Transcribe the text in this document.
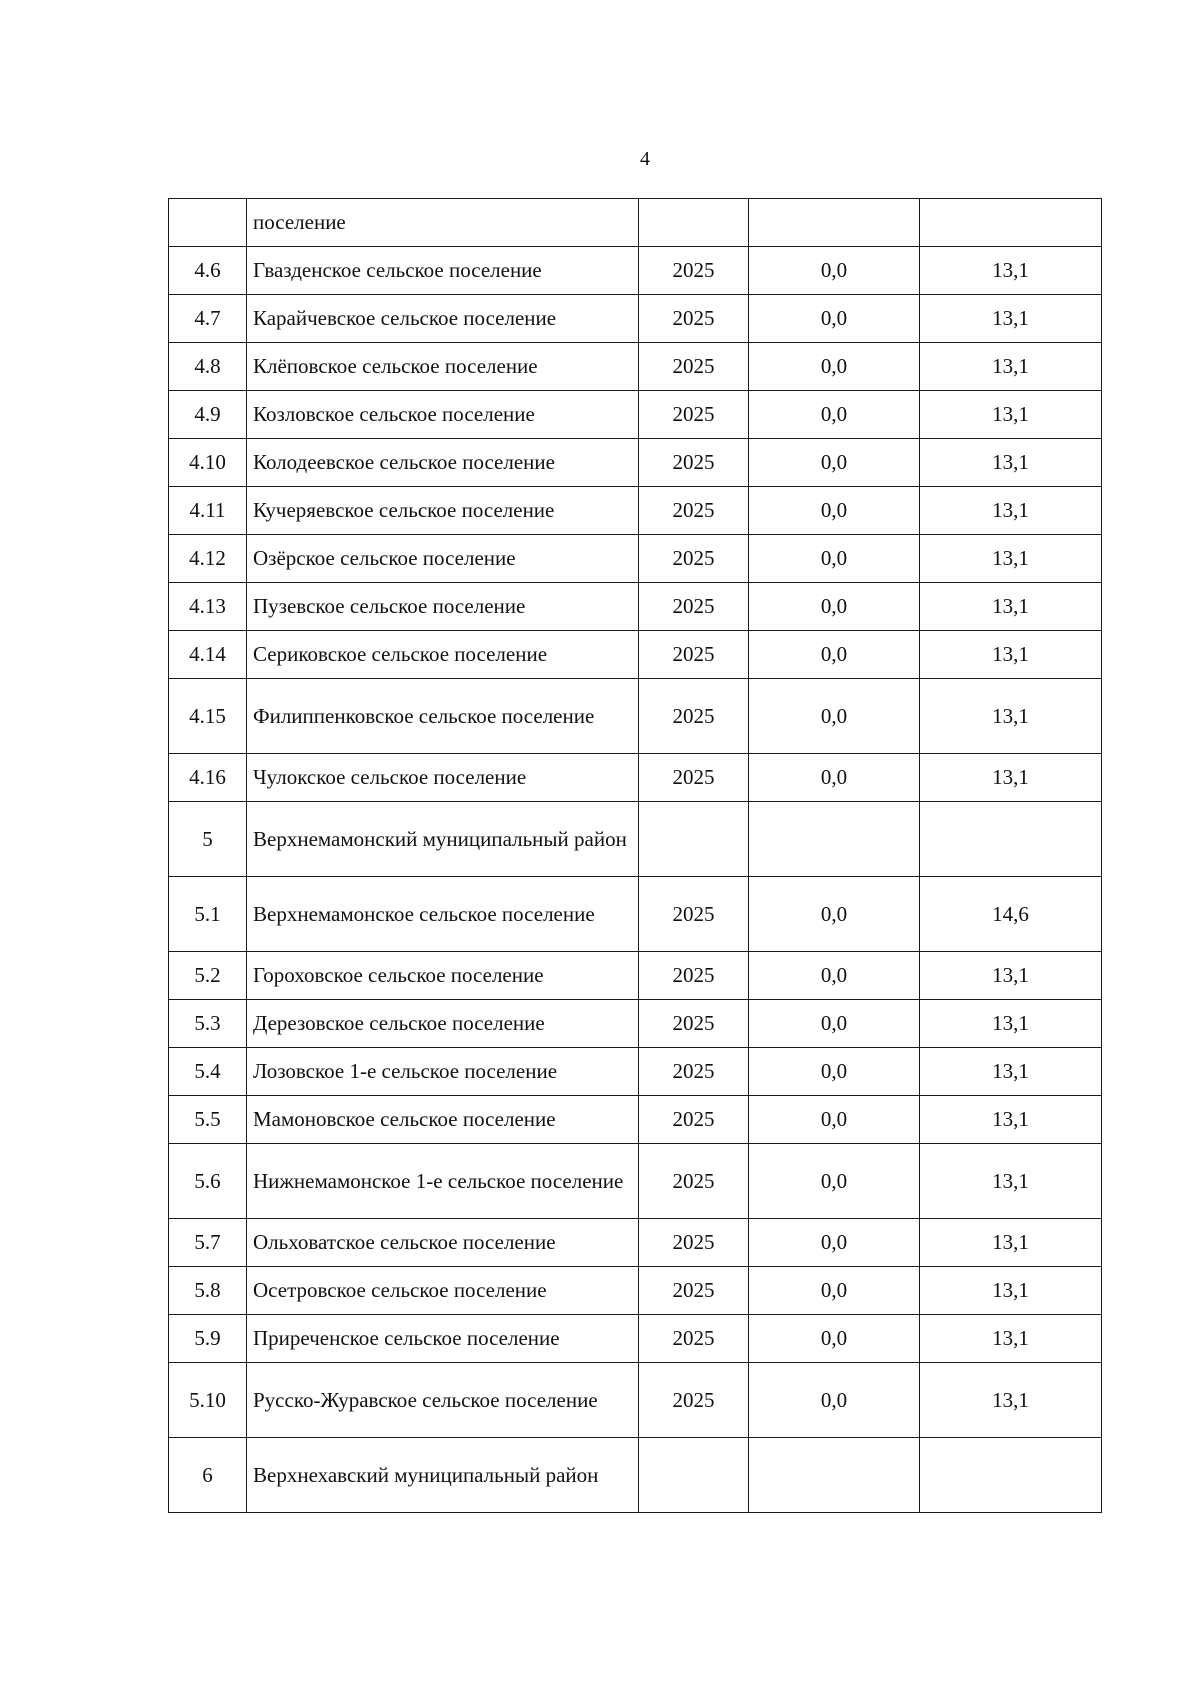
4
	поселение			
4.6	Гвазденское сельское поселение	2025	0,0	13,1
4.7	Карайчевское сельское поселение	2025	0,0	13,1
4.8	Клёповское сельское поселение	2025	0,0	13,1
4.9	Козловское сельское поселение	2025	0,0	13,1
4.10	Колодеевское сельское поселение	2025	0,0	13,1
4.11	Кучеряевское сельское поселение	2025	0,0	13,1
4.12	Озёрское сельское поселение	2025	0,0	13,1
4.13	Пузевское сельское поселение	2025	0,0	13,1
4.14	Сериковское сельское поселение	2025	0,0	13,1
4.15	Филиппенковское сельское поселение	2025	0,0	13,1
4.16	Чулокское сельское поселение	2025	0,0	13,1
5	Верхнемамонский муниципальный район			
5.1	Верхнемамонское сельское поселение	2025	0,0	14,6
5.2	Гороховское сельское поселение	2025	0,0	13,1
5.3	Дерезовское сельское поселение	2025	0,0	13,1
5.4	Лозовское 1-е сельское поселение	2025	0,0	13,1
5.5	Мамоновское сельское поселение	2025	0,0	13,1
5.6	Нижнемамонское 1-е сельское поселение	2025	0,0	13,1
5.7	Ольховатское сельское поселение	2025	0,0	13,1
5.8	Осетровское сельское поселение	2025	0,0	13,1
5.9	Приреченское сельское поселение	2025	0,0	13,1
5.10	Русско-Журавское сельское поселение	2025	0,0	13,1
6	Верхнехавский муниципальный район			
